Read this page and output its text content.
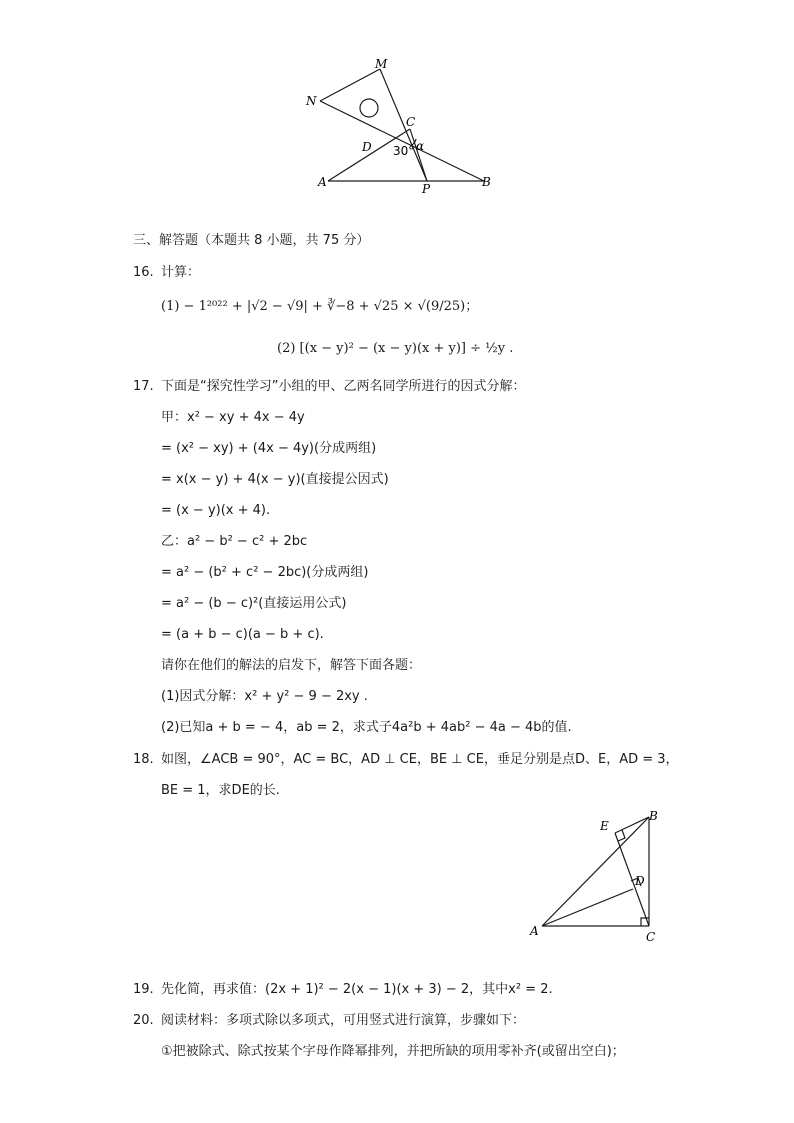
M
N
C
D 30° α
A	P	B
三、解答题（本题共 8 小题，共 75 分）
16. 计算：
(1) − 1²⁰²² + |√2 − √9| + ∛−8 + √25 × √(9/25)；
(2) [(x − y)² − (x − y)(x + y)] ÷ ½y .
17. 下面是“探究性学习”小组的甲、乙两名同学所进行的因式分解：
甲：x² − xy + 4x − 4y
= (x² − xy) + (4x − 4y)(分成两组)
= x(x − y) + 4(x − y)(直接提公因式)
= (x − y)(x + 4).
乙：a² − b² − c² + 2bc
= a² − (b² + c² − 2bc)(分成两组)
= a² − (b − c)²(直接运用公式)
= (a + b − c)(a − b + c).
请你在他们的解法的启发下，解答下面各题：
(1)因式分解：x² + y² − 9 − 2xy .
(2)已知a + b = − 4，ab = 2，求式子4a²b + 4ab² − 4a − 4b的值.
18. 如图，∠ACB = 90°，AC = BC，AD ⊥ CE，BE ⊥ CE，垂足分别是点D、E，AD = 3，
BE = 1，求DE的长.
E
B
D
A	C
19. 先化简，再求值：(2x + 1)² − 2(x − 1)(x + 3) − 2，其中x² = 2.
20. 阅读材料：多项式除以多项式，可用竖式进行演算，步骤如下：
①把被除式、除式按某个字母作降幂排列，并把所缺的项用零补齐(或留出空白)；
